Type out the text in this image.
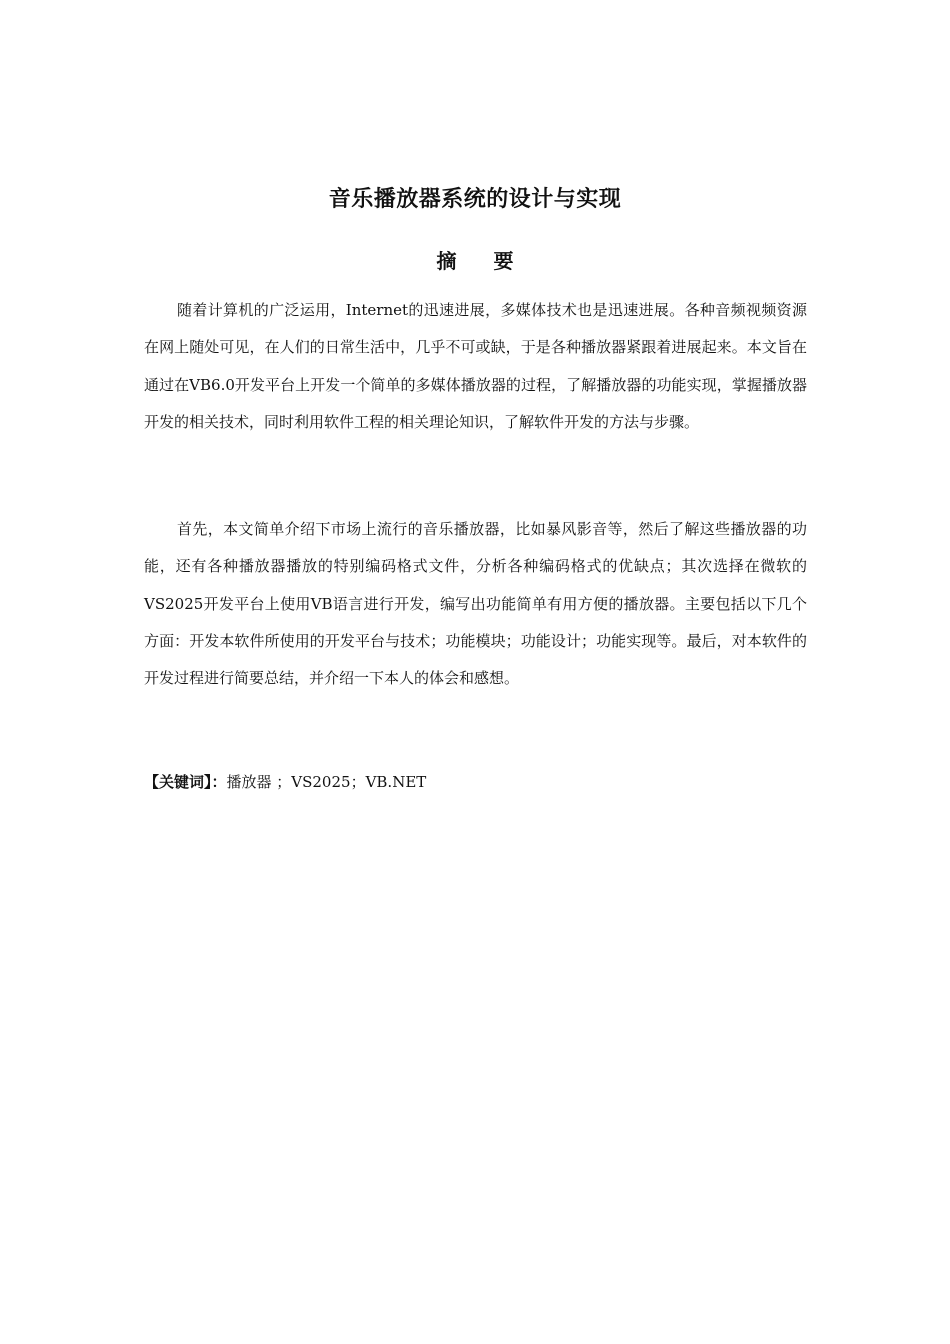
音乐播放器系统的设计与实现
摘 要

随着计算机的广泛运用，Internet的迅速进展，多媒体技术也是迅速进展。各种音频视频资源在网上随处可见，在人们的日常生活中，几乎不可或缺，于是各种播放器紧跟着进展起来。本文旨在通过在VB6.0开发平台上开发一个简单的多媒体播放器的过程，了解播放器的功能实现，掌握播放器开发的相关技术，同时利用软件工程的相关理论知识，了解软件开发的方法与步骤。

首先，本文简单介绍下市场上流行的音乐播放器，比如暴风影音等，然后了解这些播放器的功能，还有各种播放器播放的特别编码格式文件，分析各种编码格式的优缺点；其次选择在微软的VS2025开发平台上使用VB语言进行开发，编写出功能简单有用方便的播放器。主要包括以下几个方面：开发本软件所使用的开发平台与技术；功能模块；功能设计；功能实现等。最后，对本软件的开发过程进行简要总结，并介绍一下本人的体会和感想。

【关键词】：播放器 ；VS2025；VB.NET
